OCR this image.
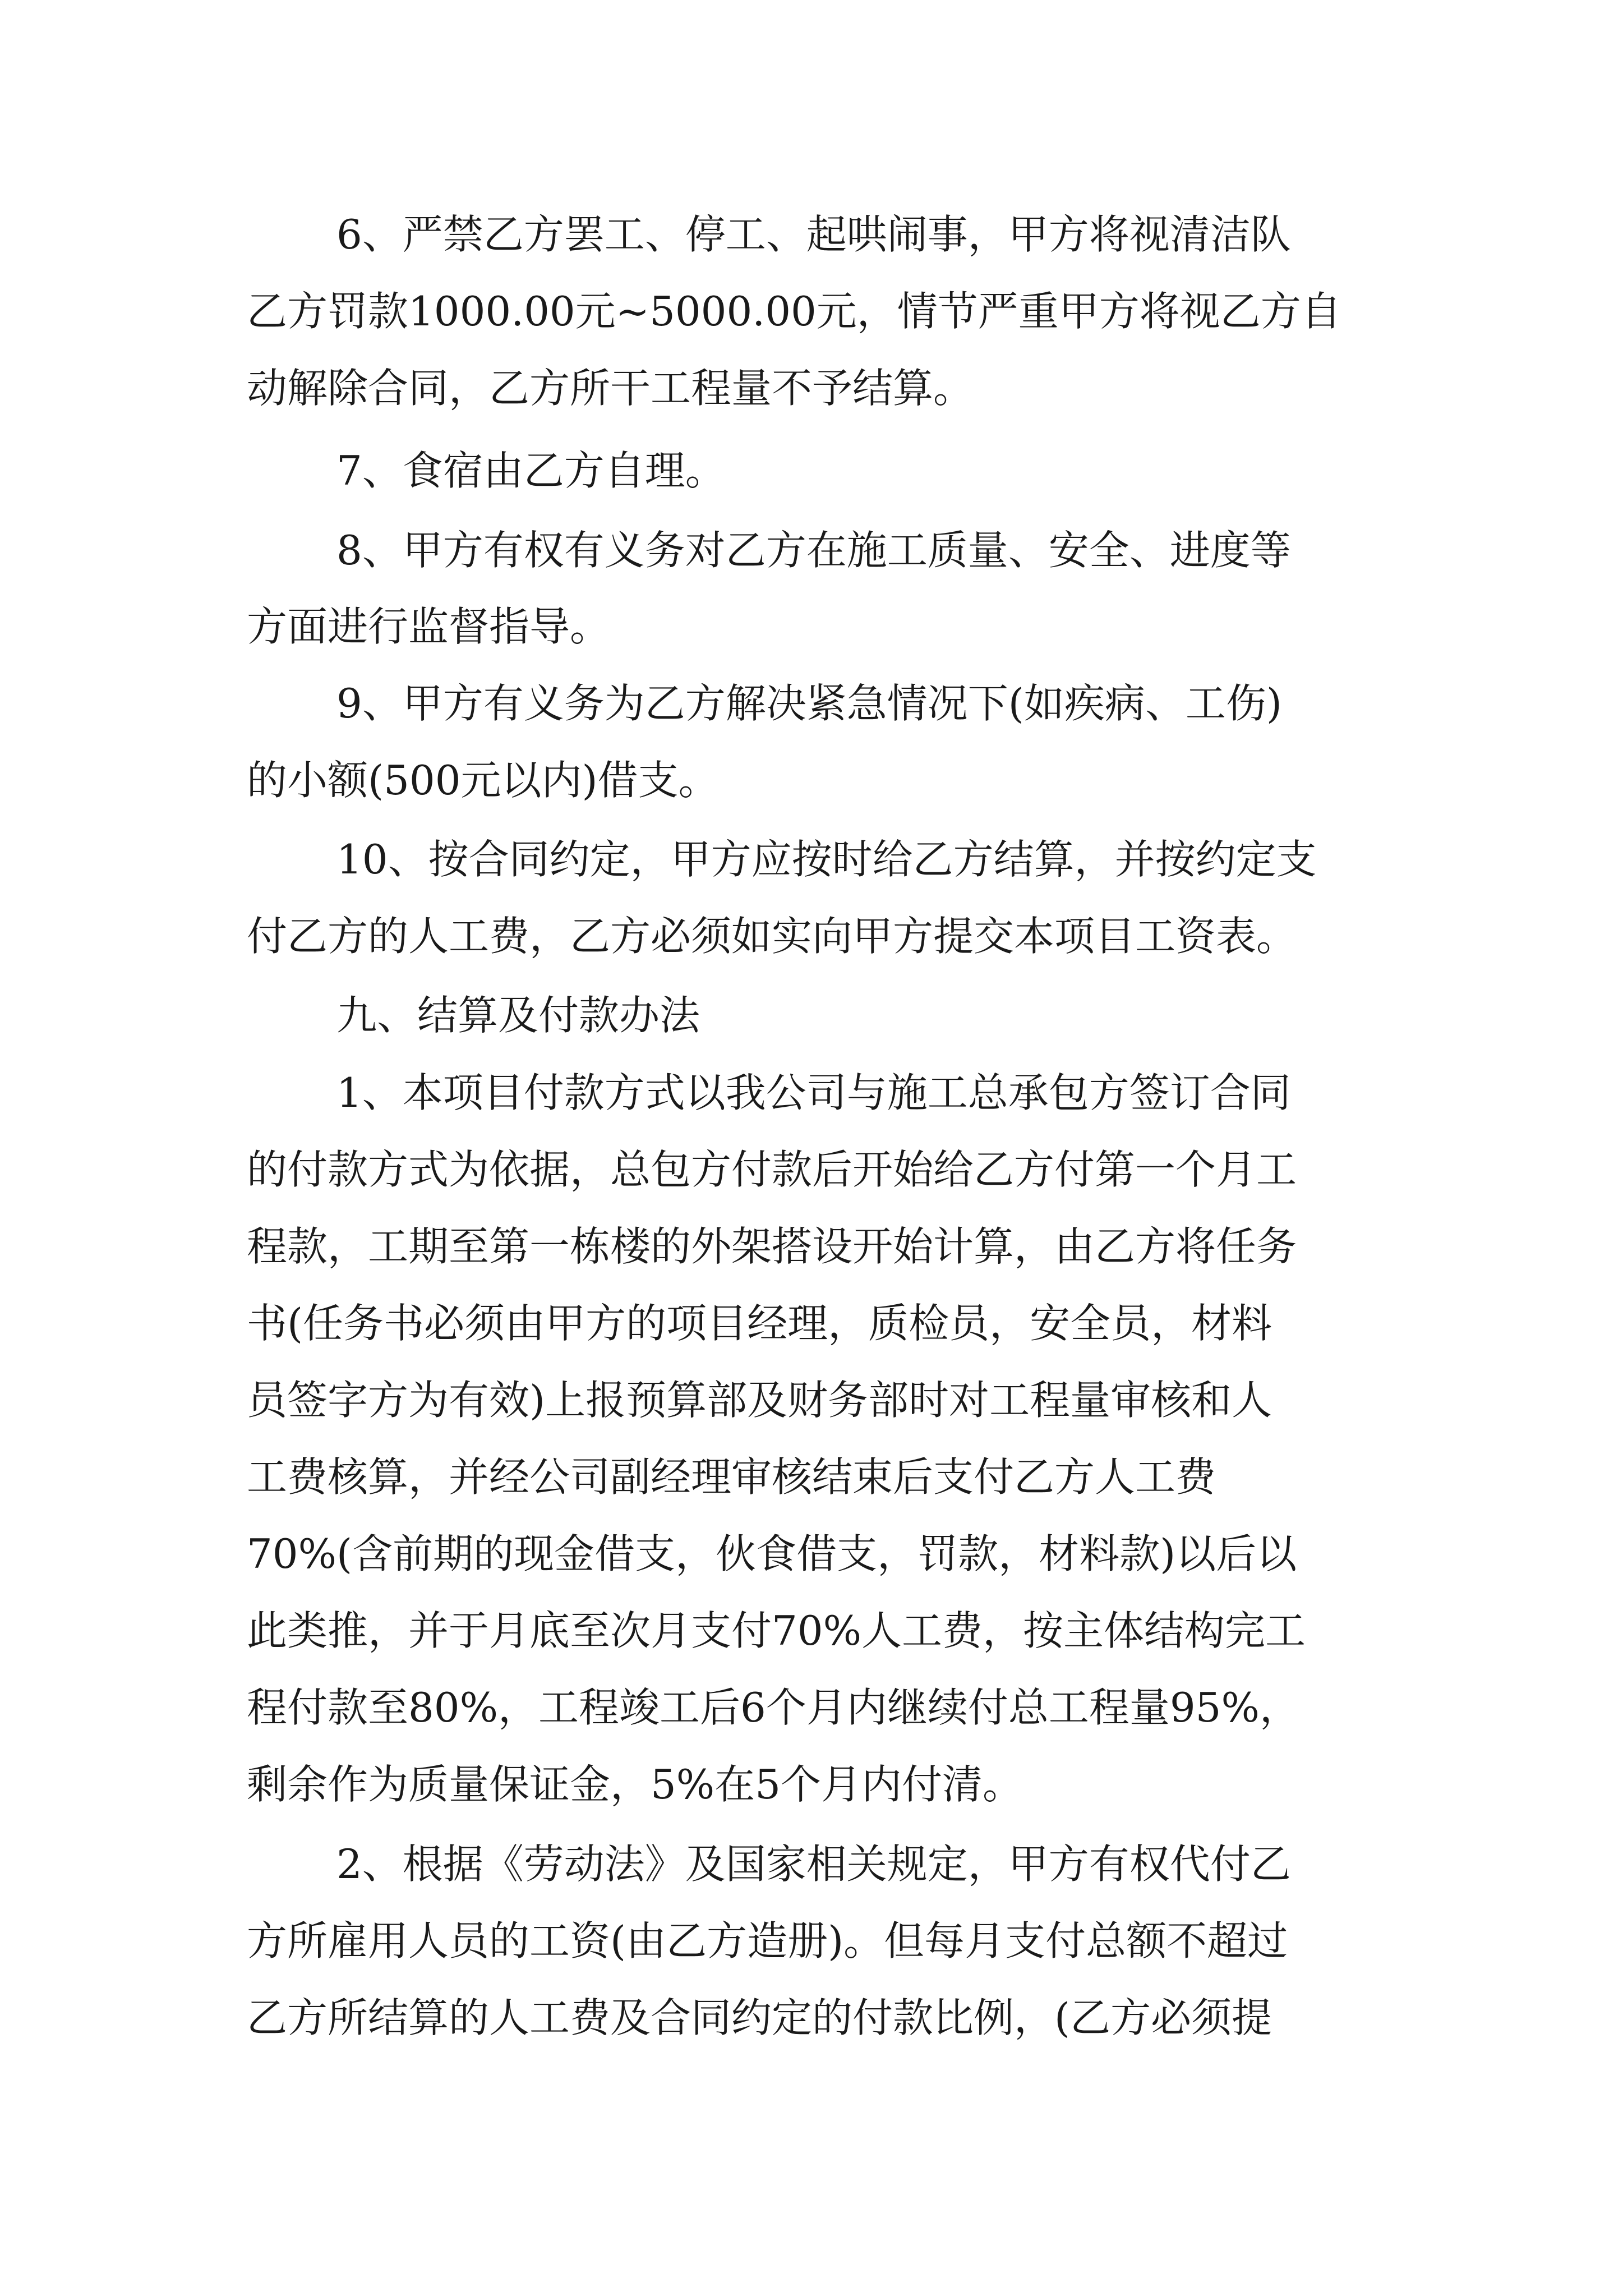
6、严禁乙方罢工、停工、起哄闹事，甲方将视清洁队
乙方罚款1000.00元~5000.00元，情节严重甲方将视乙方自
动解除合同，乙方所干工程量不予结算。
7、食宿由乙方自理。
8、甲方有权有义务对乙方在施工质量、安全、进度等
方面进行监督指导。
9、甲方有义务为乙方解决紧急情况下(如疾病、工伤)
的小额(500元以内)借支。
10、按合同约定，甲方应按时给乙方结算，并按约定支
付乙方的人工费，乙方必须如实向甲方提交本项目工资表。
九、结算及付款办法
1、本项目付款方式以我公司与施工总承包方签订合同
的付款方式为依据，总包方付款后开始给乙方付第一个月工
程款，工期至第一栋楼的外架搭设开始计算，由乙方将任务
书(任务书必须由甲方的项目经理，质检员，安全员，材料
员签字方为有效)上报预算部及财务部时对工程量审核和人
工费核算，并经公司副经理审核结束后支付乙方人工费
70%(含前期的现金借支，伙食借支，罚款，材料款)以后以
此类推，并于月底至次月支付70%人工费，按主体结构完工
程付款至80%，工程竣工后6个月内继续付总工程量95%，
剩余作为质量保证金，5%在5个月内付清。
2、根据《劳动法》及国家相关规定，甲方有权代付乙
方所雇用人员的工资(由乙方造册)。但每月支付总额不超过
乙方所结算的人工费及合同约定的付款比例，(乙方必须提
